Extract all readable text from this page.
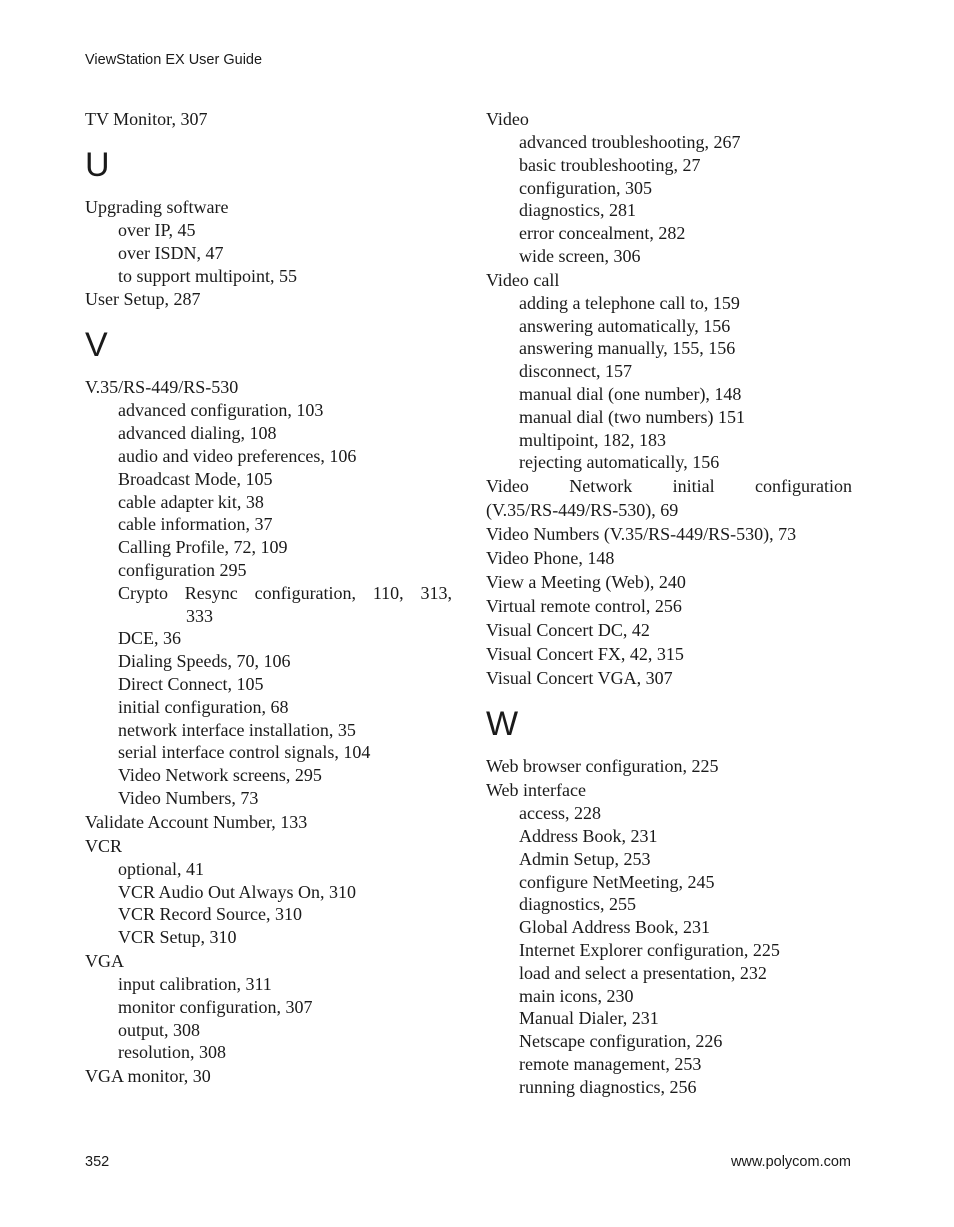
ViewStation EX User Guide

TV Monitor, 307

U

Upgrading software

over IP, 45

over ISDN, 47

to support multipoint, 55

User Setup, 287

V

V.35/RS-449/RS-530

advanced configuration, 103

advanced dialing, 108

audio and video preferences, 106

Broadcast Mode, 105

cable adapter kit, 38

cable information, 37

Calling Profile, 72, 109

configuration 295

Crypto Resync configuration, 110, 313,
333

DCE, 36

Dialing Speeds, 70, 106

Direct Connect, 105

initial configuration, 68

network interface installation, 35

serial interface control signals, 104

Video Network screens, 295

Video Numbers, 73

Validate Account Number, 133

VCR

optional, 41

VCR Audio Out Always On, 310

VCR Record Source, 310

VCR Setup, 310

VGA

input calibration, 311

monitor configuration, 307

output, 308

resolution, 308

VGA monitor, 30

Video

advanced troubleshooting, 267

basic troubleshooting, 27

configuration, 305

diagnostics, 281

error concealment, 282

wide screen, 306

Video call

adding a telephone call to, 159

answering automatically, 156

answering manually, 155, 156

disconnect, 157

manual dial (one number), 148

manual dial (two numbers) 151

multipoint, 182, 183

rejecting automatically, 156

Video Network initial configuration
(V.35/RS-449/RS-530), 69

Video Numbers (V.35/RS-449/RS-530), 73

Video Phone, 148

View a Meeting (Web), 240

Virtual remote control, 256

Visual Concert DC, 42

Visual Concert FX, 42, 315

Visual Concert VGA, 307

W

Web browser configuration, 225

Web interface

access, 228

Address Book, 231

Admin Setup, 253

configure NetMeeting, 245

diagnostics, 255

Global Address Book, 231

Internet Explorer configuration, 225

load and select a presentation, 232

main icons, 230

Manual Dialer, 231

Netscape configuration, 226

remote management, 253

running diagnostics, 256

352	www.polycom.com
